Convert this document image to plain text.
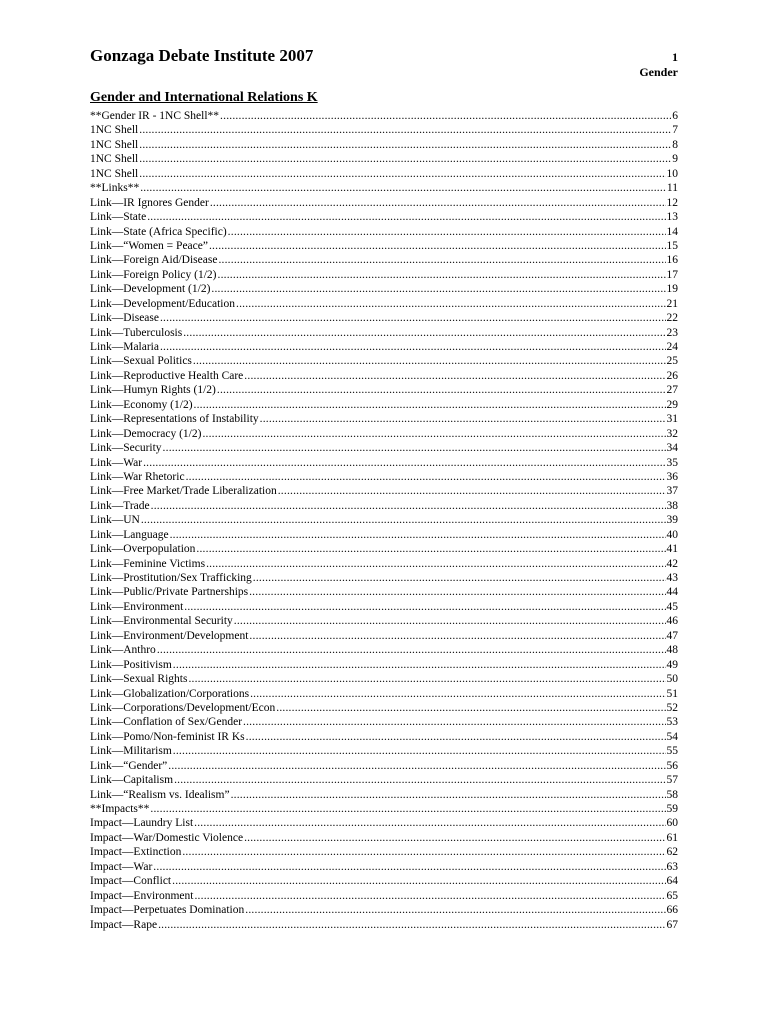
Gonzaga Debate Institute 2007	1
Gender
Gender and International Relations K
**Gender IR - 1NC Shell** .....	6
1NC Shell .....	7
1NC Shell .....	8
1NC Shell .....	9
1NC Shell .....	10
**Links** .....	11
Link—IR Ignores Gender .....	12
Link—State .....	13
Link—State (Africa Specific) .....	14
Link—“Women = Peace” .....	15
Link—Foreign Aid/Disease .....	16
Link—Foreign Policy (1/2) .....	17
Link—Development (1/2) .....	19
Link—Development/Education .....	21
Link—Disease .....	22
Link—Tuberculosis .....	23
Link—Malaria .....	24
Link—Sexual Politics .....	25
Link—Reproductive Health Care .....	26
Link—Humyn Rights (1/2) .....	27
Link—Economy (1/2) .....	29
Link—Representations of Instability .....	31
Link—Democracy (1/2) .....	32
Link—Security .....	34
Link—War .....	35
Link—War Rhetoric .....	36
Link—Free Market/Trade Liberalization .....	37
Link—Trade .....	38
Link—UN .....	39
Link—Language .....	40
Link—Overpopulation .....	41
Link—Feminine Victims .....	42
Link—Prostitution/Sex Trafficking .....	43
Link—Public/Private Partnerships .....	44
Link—Environment .....	45
Link—Environmental Security .....	46
Link—Environment/Development .....	47
Link—Anthro .....	48
Link—Positivism .....	49
Link—Sexual Rights .....	50
Link—Globalization/Corporations .....	51
Link—Corporations/Development/Econ .....	52
Link—Conflation of Sex/Gender .....	53
Link—Pomo/Non-feminist IR Ks .....	54
Link—Militarism .....	55
Link—“Gender” .....	56
Link—Capitalism .....	57
Link—“Realism vs. Idealism” .....	58
**Impacts** .....	59
Impact—Laundry List .....	60
Impact—War/Domestic Violence .....	61
Impact—Extinction .....	62
Impact—War .....	63
Impact—Conflict .....	64
Impact—Environment .....	65
Impact—Perpetuates Domination .....	66
Impact—Rape .....	67
